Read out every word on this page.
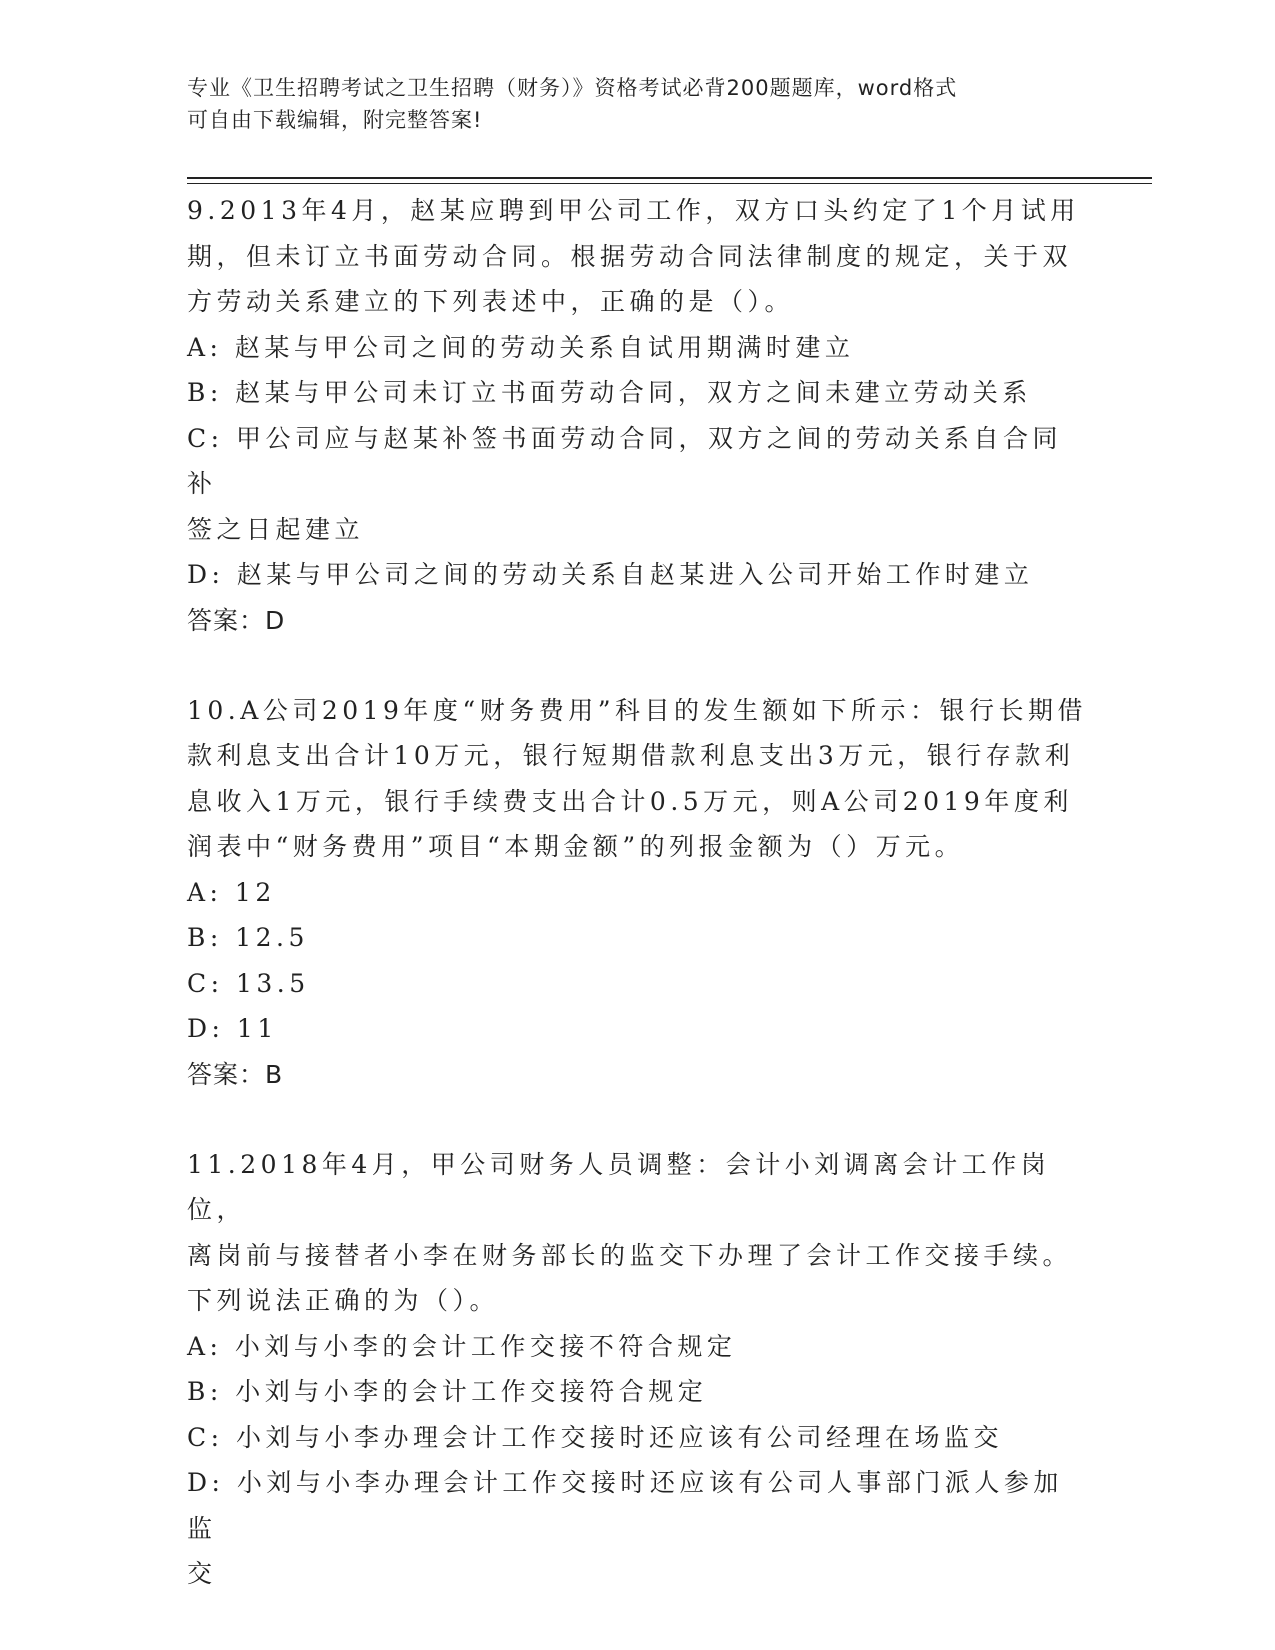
专业《卫生招聘考试之卫生招聘（财务）》资格考试必背200题题库，word格式
可自由下载编辑，附完整答案!
9.2013年4月，赵某应聘到甲公司工作，双方口头约定了1个月试用
期，但未订立书面劳动合同。根据劳动合同法律制度的规定，关于双
方劳动关系建立的下列表述中，正确的是（）。
A: 赵某与甲公司之间的劳动关系自试用期满时建立
B: 赵某与甲公司未订立书面劳动合同，双方之间未建立劳动关系
C: 甲公司应与赵某补签书面劳动合同，双方之间的劳动关系自合同补
签之日起建立
D: 赵某与甲公司之间的劳动关系自赵某进入公司开始工作时建立
答案：D
10.A公司2019年度“财务费用”科目的发生额如下所示：银行长期借
款利息支出合计10万元，银行短期借款利息支出3万元，银行存款利
息收入1万元，银行手续费支出合计0.5万元，则A公司2019年度利
润表中“财务费用”项目“本期金额”的列报金额为（）万元。
A: 12
B: 12.5
C: 13.5
D: 11
答案：B
11.2018年4月，甲公司财务人员调整：会计小刘调离会计工作岗位，
离岗前与接替者小李在财务部长的监交下办理了会计工作交接手续。
下列说法正确的为（）。
A: 小刘与小李的会计工作交接不符合规定
B: 小刘与小李的会计工作交接符合规定
C: 小刘与小李办理会计工作交接时还应该有公司经理在场监交
D: 小刘与小李办理会计工作交接时还应该有公司人事部门派人参加监
交
